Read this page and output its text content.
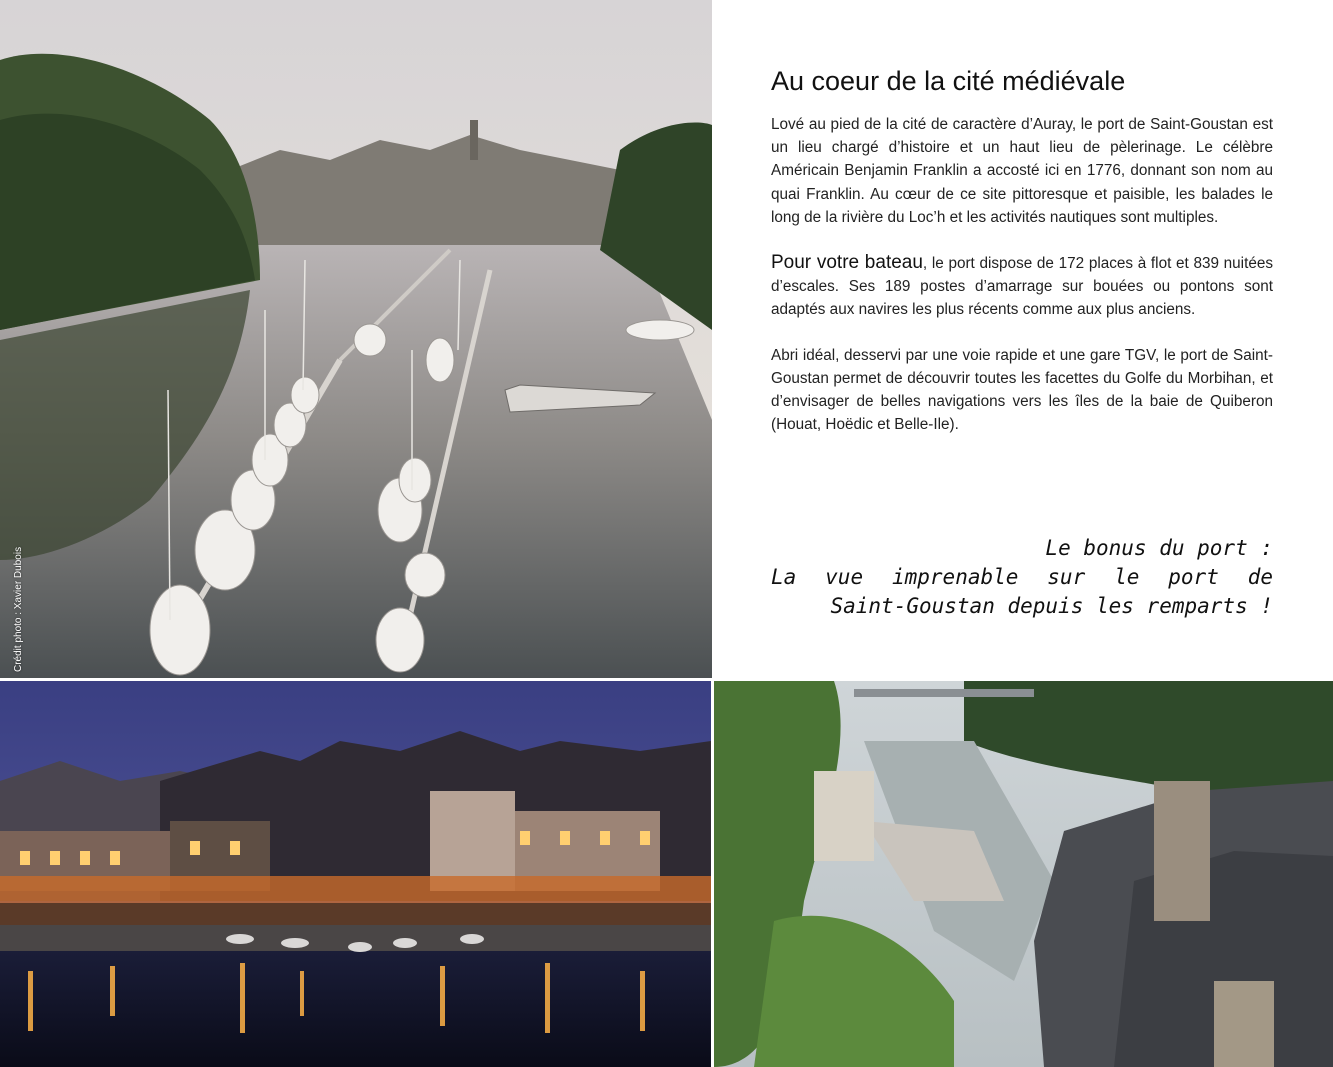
Crédit photo : Xavier Dubois
Au coeur de la cité médiévale

Lové au pied de la cité de caractère d’Auray, le port de Saint-Goustan est un lieu chargé d’histoire et un haut lieu de pèlerinage. Le célèbre Américain Benjamin Franklin a accosté ici en 1776, donnant son nom au quai Franklin. Au cœur de ce site pittoresque et paisible, les balades le long de la rivière du Loc’h et les activités nautiques sont multiples.

Pour votre bateau, le port dispose de 172 places à flot et 839 nuitées d’escales. Ses 189 postes d’amarrage sur bouées ou pontons sont adaptés aux navires les plus récents comme aux plus anciens.

Abri idéal, desservi par une voie rapide et une gare TGV, le port de Saint-Goustan permet de découvrir toutes les facettes du Golfe du Morbihan, et d’envisager de belles navigations vers les îles de la baie de Quiberon (Houat, Hoëdic et Belle-Ile).

Le bonus du port :
La vue imprenable sur le port de
Saint-Goustan depuis les remparts !
